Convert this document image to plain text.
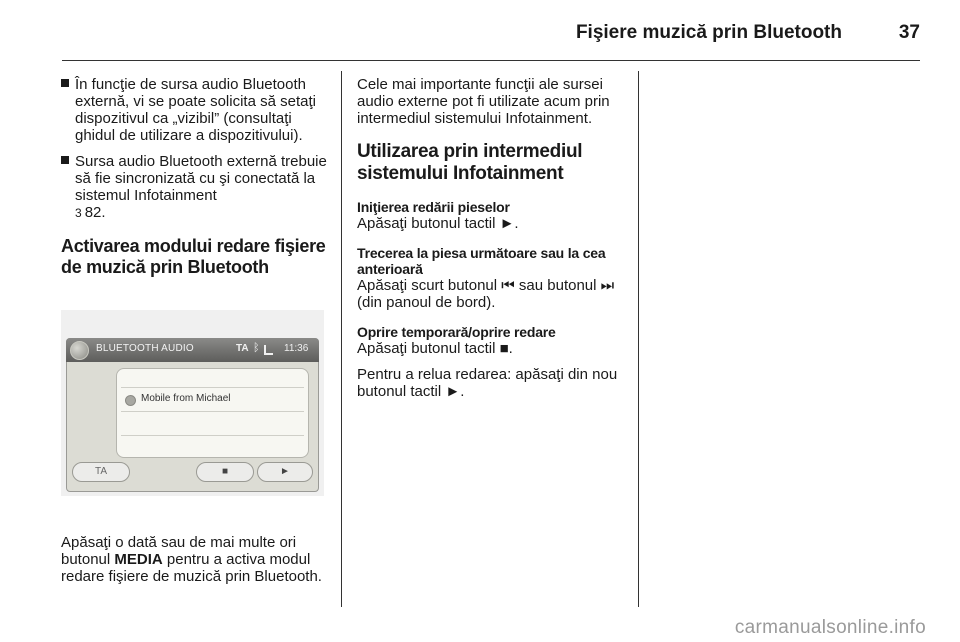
Fişiere muzică prin Bluetooth	37
În funcţie de sursa audio Bluetooth externă, vi se poate solicita să setaţi dispozitivul ca „vizibil” (consultaţi ghidul de utilizare a dispozitivului).
Sursa audio Bluetooth externă trebuie să fie sincronizată cu şi conectată la sistemul Infotainment
3 82.
Activarea modului redare fişiere de muzică prin Bluetooth
BLUETOOTH AUDIO	TA ᛒ 11:36
Mobile from Michael
TA	■	►
Apăsaţi o dată sau de mai multe ori butonul MEDIA pentru a activa modul redare fişiere de muzică prin Bluetooth.

Cele mai importante funcţii ale sursei audio externe pot fi utilizate acum prin intermediul sistemului Infotainment.

Utilizarea prin intermediul sistemului Infotainment
Iniţierea redării pieselor

Apăsaţi butonul tactil ►.

Trecerea la piesa următoare sau la cea anterioară

Apăsaţi scurt butonul ⏮ sau butonul ⏭ (din panoul de bord).

Oprire temporară/oprire redare

Apăsaţi butonul tactil ■.

Pentru a relua redarea: apăsaţi din nou butonul tactil ►.

carmanualsonline.info
